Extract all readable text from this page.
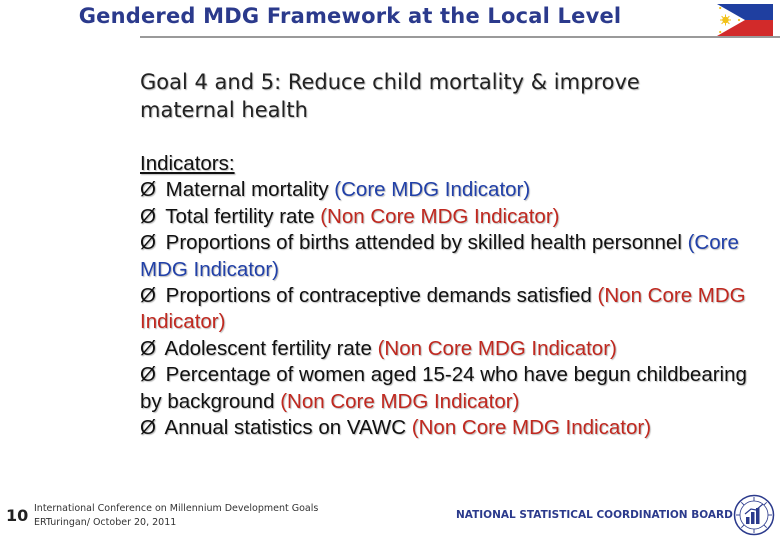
Gendered MDG Framework at the Local Level
Goal 4 and 5: Reduce child mortality & improve
maternal health
Indicators:
Ø Maternal mortality (Core MDG Indicator)
Ø Total fertility rate (Non Core MDG Indicator)
Ø Proportions of births attended by skilled health personnel (Core MDG Indicator)
Ø Proportions of contraceptive demands satisfied (Non Core MDG Indicator)
Ø Adolescent fertility rate (Non Core MDG Indicator)
Ø Percentage of women aged 15-24 who have begun childbearing by background (Non Core MDG Indicator)
Ø Annual statistics on VAWC (Non Core MDG Indicator)
10 International Conference on Millennium Development Goals
ERTuringan/ October 20, 2011
NATIONAL STATISTICAL COORDINATION BOARD
